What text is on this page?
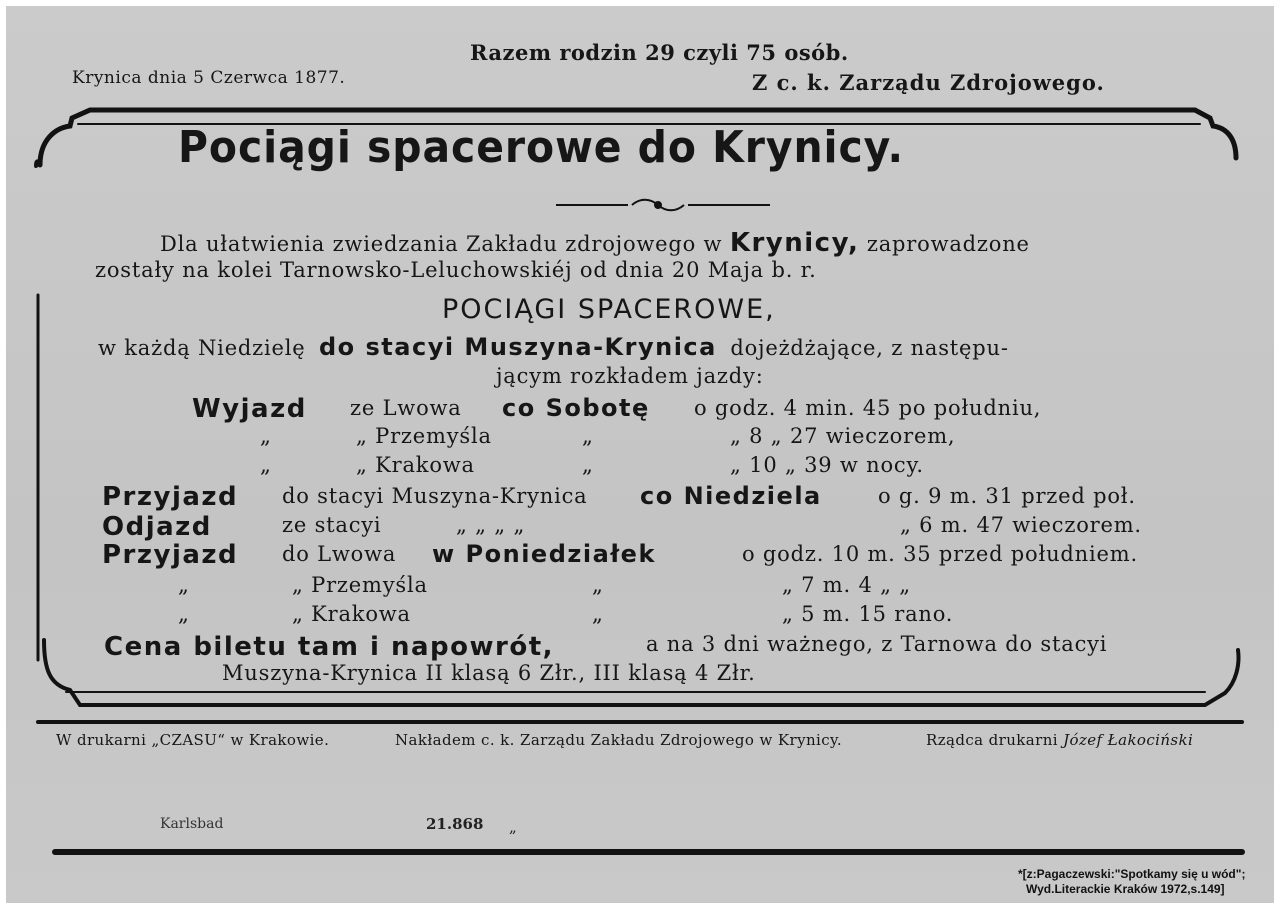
Krynica dnia 5 Czerwca 1877.
Razem rodzin 29 czyli 75 osób.
Z c. k. Zarządu Zdrojowego.
Pociągi spacerowe do Krynicy.
Dla ułatwienia zwiedzania Zakładu zdrojowego w Krynicy, zaprowadzone
zostały na kolei Tarnowsko-Leluchowskiéj od dnia 20 Maja b. r.
POCIĄGI SPACEROWE,
w każdą Niedzielę do stacyi Muszyna-Krynica dojeżdżające, z następu-
jącym rozkładem jazdy:
Wyjazd ze Lwowa co Sobotę o godz. 4 min. 45 po południu,
„	„ Przemyśla	„	„ 8 „ 27 wieczorem,
„	„ Krakowa	„	„ 10 „ 39 w nocy.
Przyjazd do stacyi Muszyna-Krynica co Niedziela	o g. 9 m. 31 przed poł.
Odjazd	ze stacyi	„ „ „ „	„ 6 m. 47 wieczorem.
Przyjazd do Lwowa w Poniedziałek	o godz. 10 m. 35 przed południem.
„	„ Przemyśla	„	„ 7 m. 4 „ „
„	„ Krakowa	„	„ 5 m. 15 rano.
Cena biletu tam i napowrót,	a na 3 dni ważnego, z Tarnowa do stacyi
Muszyna-Krynica II klasą 6 Złr., III klasą 4 Złr.
W drukarni „CZASU“ w Krakowie.	Nakładem c. k. Zarządu Zakładu Zdrojowego w Krynicy.	Rządca drukarni Józef Łakociński
Karlsbad	21.868 „
*[z:Pagaczewski:"Spotkamy się u wód";
Wyd.Literackie Kraków 1972,s.149]
